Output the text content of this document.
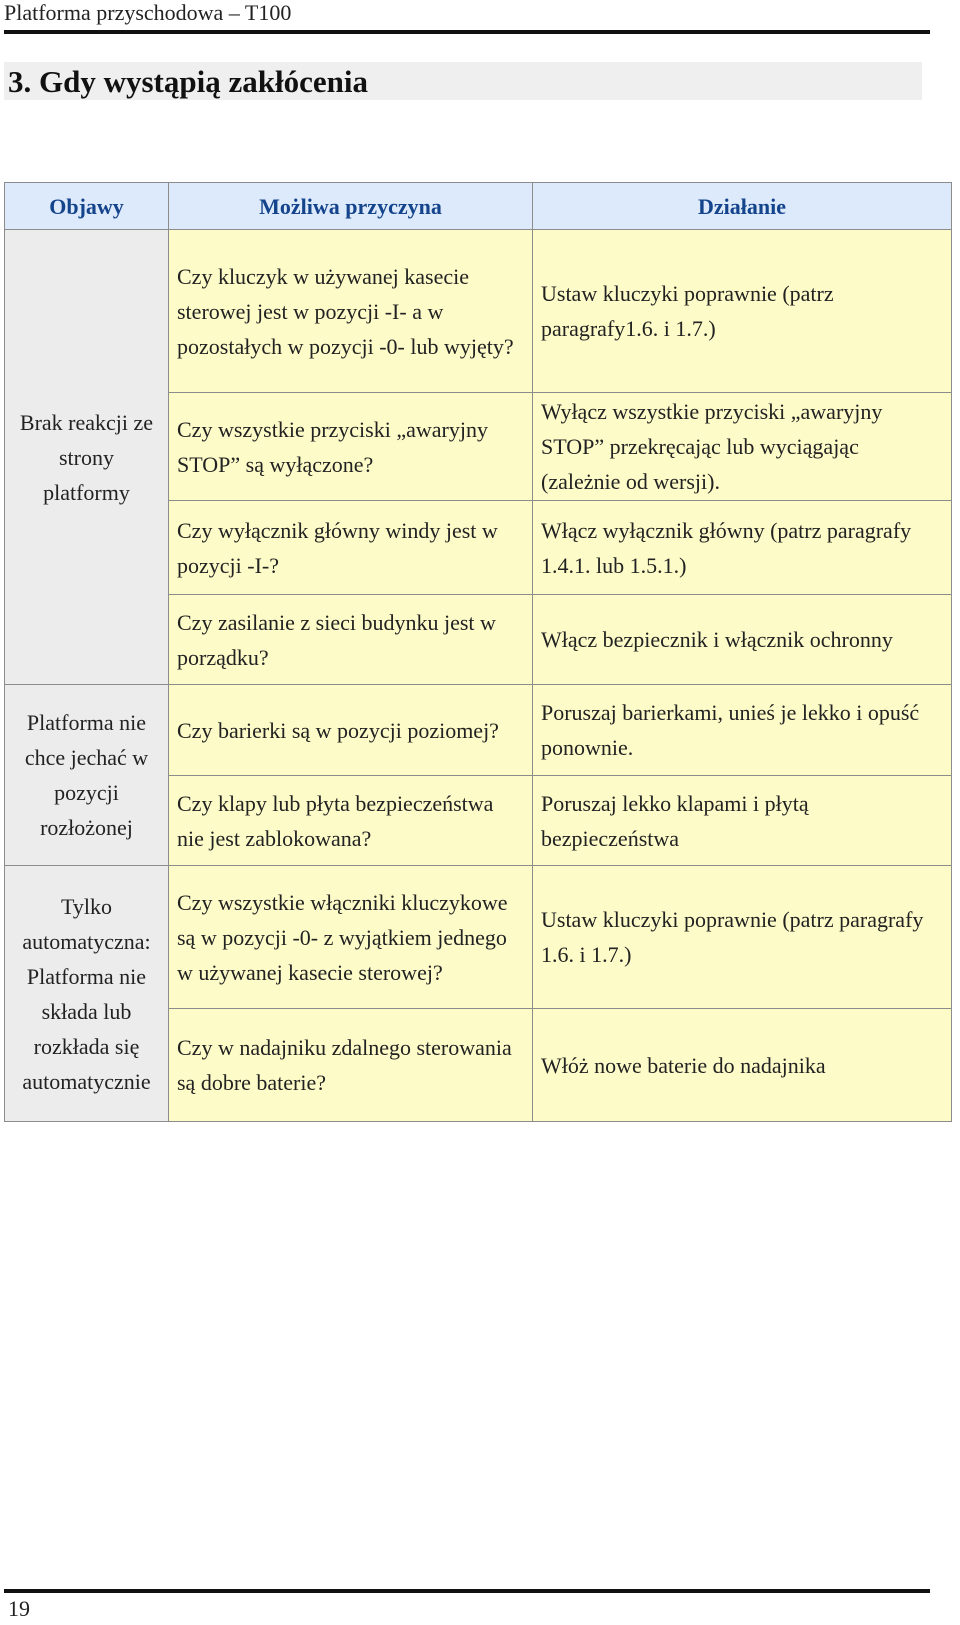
Platforma przyschodowa – T100
3. Gdy wystąpią zakłócenia
Objawy	Możliwa przyczyna	Działanie
Brak reakcji ze strony platformy	Czy kluczyk w używanej kasecie sterowej jest w pozycji -I- a w pozostałych w pozycji -0- lub wyjęty?	Ustaw kluczyki poprawnie (patrz paragrafy1.6. i 1.7.)
	Czy wszystkie przyciski „awaryjny STOP” są wyłączone?	Wyłącz wszystkie przyciski „awaryjny STOP” przekręcając lub wyciągając (zależnie od wersji).
	Czy wyłącznik główny windy jest w pozycji -I-?	Włącz wyłącznik główny (patrz paragrafy 1.4.1. lub 1.5.1.)
	Czy zasilanie z sieci budynku jest w porządku?	Włącz bezpiecznik i włącznik ochronny
Platforma nie chce jechać w pozycji rozłożonej	Czy barierki są w pozycji poziomej?	Poruszaj barierkami, unieś je lekko i opuść ponownie.
	Czy klapy lub płyta bezpieczeństwa nie jest zablokowana?	Poruszaj lekko klapami i płytą bezpieczeństwa
Tylko automatyczna: Platforma nie składa lub rozkłada się automatycznie	Czy wszystkie włączniki kluczykowe są w pozycji -0- z wyjątkiem jednego w używanej kasecie sterowej?	Ustaw kluczyki poprawnie (patrz paragrafy 1.6. i 1.7.)
	Czy w nadajniku zdalnego sterowania są dobre baterie?	Włóż nowe baterie do nadajnika
19
